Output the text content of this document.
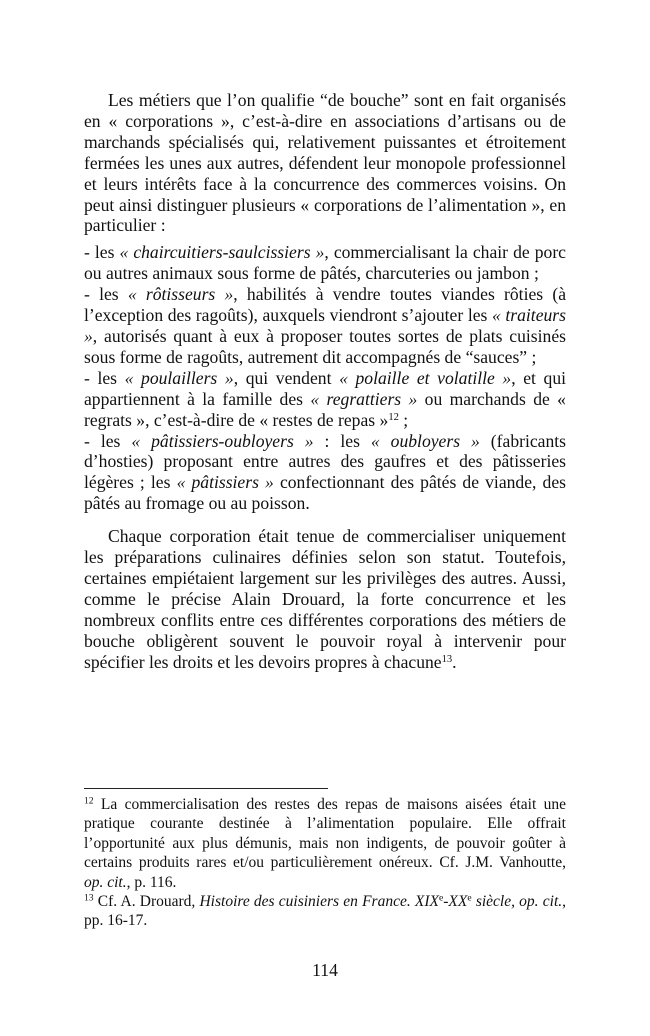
Les métiers que l’on qualifie “de bouche” sont en fait organisés en « corporations », c’est-à-dire en associations d’artisans ou de marchands spécialisés qui, relativement puissantes et étroitement fermées les unes aux autres, défendent leur monopole professionnel et leurs intérêts face à la concurrence des commerces voisins. On peut ainsi distinguer plusieurs « corporations de l’alimentation », en particulier :

- les « chaircuitiers-saulcissiers », commercialisant la chair de porc ou autres animaux sous forme de pâtés, charcuteries ou jambon ;

- les « rôtisseurs », habilités à vendre toutes viandes rôties (à l’exception des ragoûts), auxquels viendront s’ajouter les « traiteurs », autorisés quant à eux à proposer toutes sortes de plats cuisinés sous forme de ragoûts, autrement dit accompagnés de “sauces” ;

- les « poulaillers », qui vendent « polaille et volatille », et qui appartiennent à la famille des « regrattiers » ou marchands de « regrats », c’est-à-dire de « restes de repas »$^{12}$ ;

- les « pâtissiers-oubloyers » : les « oubloyers » (fabricants d’hosties) proposant entre autres des gaufres et des pâtisseries légères ; les « pâtissiers » confectionnant des pâtés de viande, des pâtés au fromage ou au poisson.

Chaque corporation était tenue de commercialiser uniquement les préparations culinaires définies selon son statut. Toutefois, certaines empiétaient largement sur les privilèges des autres. Aussi, comme le précise Alain Drouard, la forte concurrence et les nombreux conflits entre ces différentes corporations des métiers de bouche obligèrent souvent le pouvoir royal à intervenir pour spécifier les droits et les devoirs propres à chacune$^{13}$.

$^{12}$ La commercialisation des restes des repas de maisons aisées était une pratique courante destinée à l’alimentation populaire. Elle offrait l’opportunité aux plus démunis, mais non indigents, de pouvoir goûter à certains produits rares et/ou particulièrement onéreux. Cf. J.M. Vanhoutte, op. cit., p. 116.

$^{13}$ Cf. A. Drouard, Histoire des cuisiniers en France. XIXe-XXe siècle, op. cit., pp. 16-17.

114
